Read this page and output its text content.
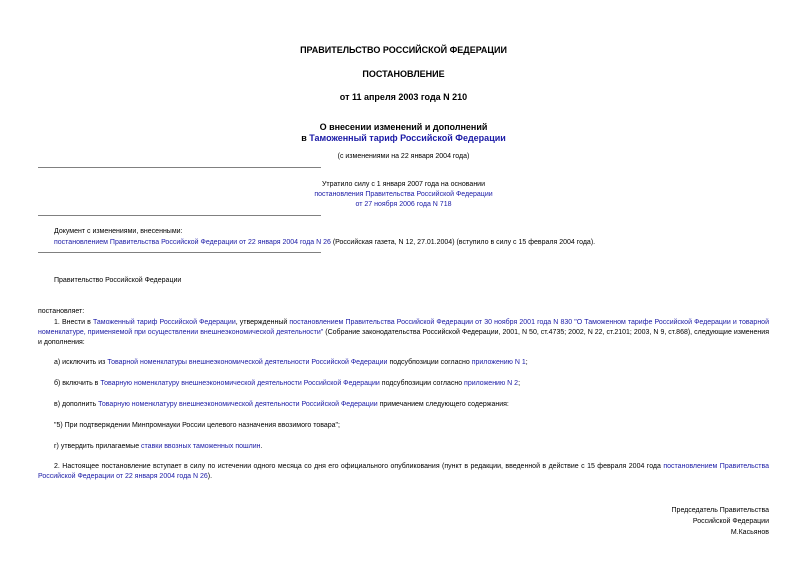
ПРАВИТЕЛЬСТВО РОССИЙСКОЙ ФЕДЕРАЦИИ
ПОСТАНОВЛЕНИЕ
от 11 апреля 2003 года N 210
О внесении изменений и дополнений
в Таможенный тариф Российской Федерации
(с изменениями на 22 января 2004 года)
Утратило силу с 1 января 2007 года на основании
постановления Правительства Российской Федерации
от 27 ноября 2006 года N 718
Документ с изменениями, внесенными:
постановлением Правительства Российской Федерации от 22 января 2004 года N 26 (Российская газета, N 12, 27.01.2004) (вступило в силу с 15 февраля 2004 года).
Правительство Российской Федерации
постановляет:
1. Внести в Таможенный тариф Российской Федерации, утвержденный постановлением Правительства Российской Федерации от 30 ноября 2001 года N 830 "О Таможенном тарифе Российской Федерации и товарной номенклатуре, применяемой при осуществлении внешнеэкономической деятельности" (Собрание законодательства Российской Федерации, 2001, N 50, ст.4735; 2002, N 22, ст.2101; 2003, N 9, ст.868), следующие изменения и дополнения:
а) исключить из Товарной номенклатуры внешнеэкономической деятельности Российской Федерации подсубпозиции согласно приложению N 1;
б) включить в Товарную номенклатуру внешнеэкономической деятельности Российской Федерации подсубпозиции согласно приложению N 2;
в) дополнить Товарную номенклатуру внешнеэкономической деятельности Российской Федерации примечанием следующего содержания:
"5) При подтверждении Минпромнауки России целевого назначения ввозимого товара";
г) утвердить прилагаемые ставки ввозных таможенных пошлин.
2. Настоящее постановление вступает в силу по истечении одного месяца со дня его официального опубликования (пункт в редакции, введенной в действие с 15 февраля 2004 года постановлением Правительства Российской Федерации от 22 января 2004 года N 26).
Председатель Правительства
Российской Федерации
М.Касьянов
